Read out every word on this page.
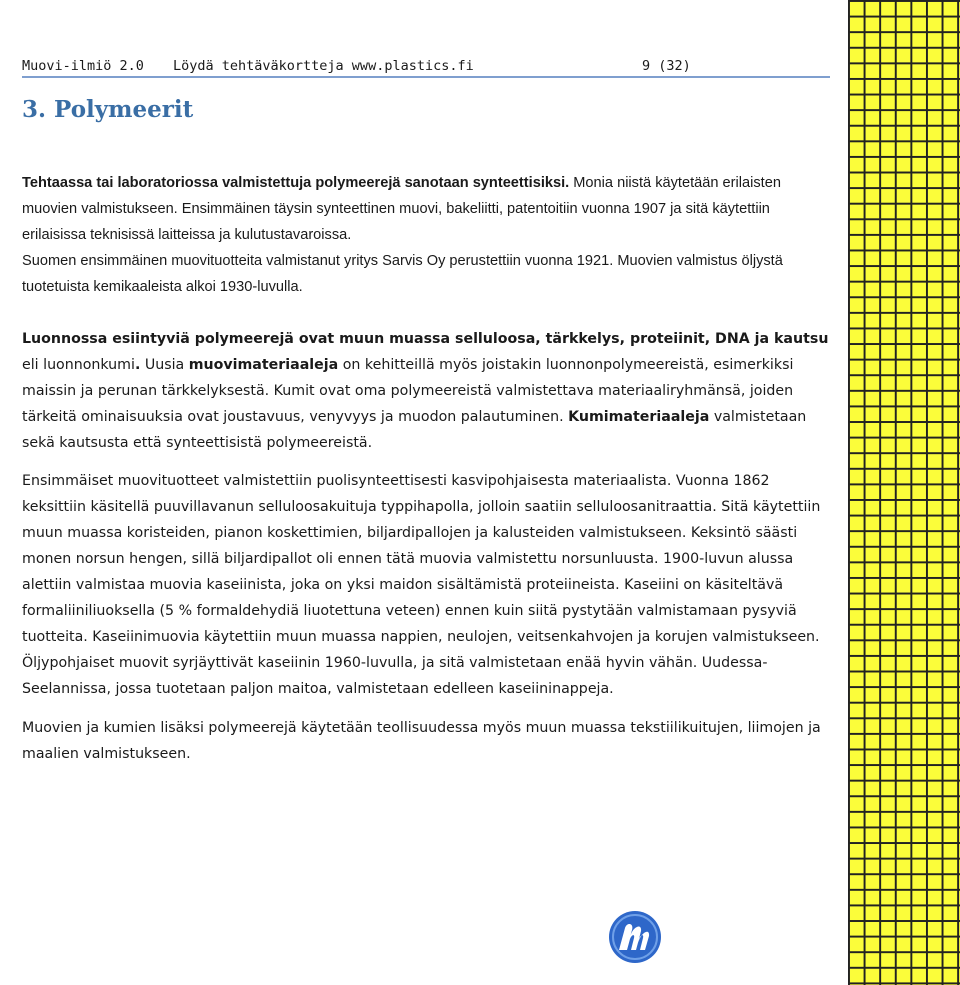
Muovi-ilmiö 2.0 Löydä tehtäväkortteja www.plastics.fi	9 (32)
3. Polymeerit
Tehtaassa tai laboratoriossa valmistettuja polymeerejä sanotaan synteettisiksi. Monia niistä käytetään erilaisten muovien valmistukseen. Ensimmäinen täysin synteettinen muovi, bakeliitti, patentoitiin vuonna 1907 ja sitä käytettiin erilaisissa teknisissä laitteissa ja kulutustavaroissa.
Suomen ensimmäinen muovituotteita valmistanut yritys Sarvis Oy perustettiin vuonna 1921. Muovien valmistus öljystä tuotetuista kemikaaleista alkoi 1930-luvulla.
Luonnossa esiintyviä polymeerejä ovat muun muassa selluloosa, tärkkelys, proteiinit, DNA ja kautsu eli luonnonkumi. Uusia muovimateriaaleja on kehitteillä myös joistakin luonnonpolymeereistä, esimerkiksi maissin ja perunan tärkkelyksestä. Kumit ovat oma polymeereistä valmistettava materiaaliryhmänsä, joiden tärkeitä ominaisuuksia ovat joustavuus, venyvyys ja muodon palautuminen. Kumimateriaaleja valmistetaan sekä kautsusta että synteettisistä polymeereistä.
Ensimmäiset muovituotteet valmistettiin puolisynteettisesti kasvipohjaisesta materiaalista. Vuonna 1862 keksittiin käsitellä puuvillavanun selluloosakuituja typpihapolla, jolloin saatiin selluloosanitraattia. Sitä käytettiin muun muassa koristeiden, pianon koskettimien, biljardipallojen ja kalusteiden valmistukseen. Keksintö säästi monen norsun hengen, sillä biljardipallot oli ennen tätä muovia valmistettu norsunluusta. 1900-luvun alussa alettiin valmistaa muovia kaseiinista, joka on yksi maidon sisältämistä proteiineista. Kaseiini on käsiteltävä formaliiniliuoksella (5 % formaldehydiä liuotettuna veteen) ennen kuin siitä pystytään valmistamaan pysyviä tuotteita. Kaseiinimuovia käytettiin muun muassa nappien, neulojen, veitsenkahvojen ja korujen valmistukseen. Öljypohjaiset muovit syrjäyttivät kaseiinin 1960-luvulla, ja sitä valmistetaan enää hyvin vähän. Uudessa-Seelannissa, jossa tuotetaan paljon maitoa, valmistetaan edelleen kaseiininappeja.
Muovien ja kumien lisäksi polymeerejä käytetään teollisuudessa myös muun muassa tekstiilikuitujen, liimojen ja maalien valmistukseen.
